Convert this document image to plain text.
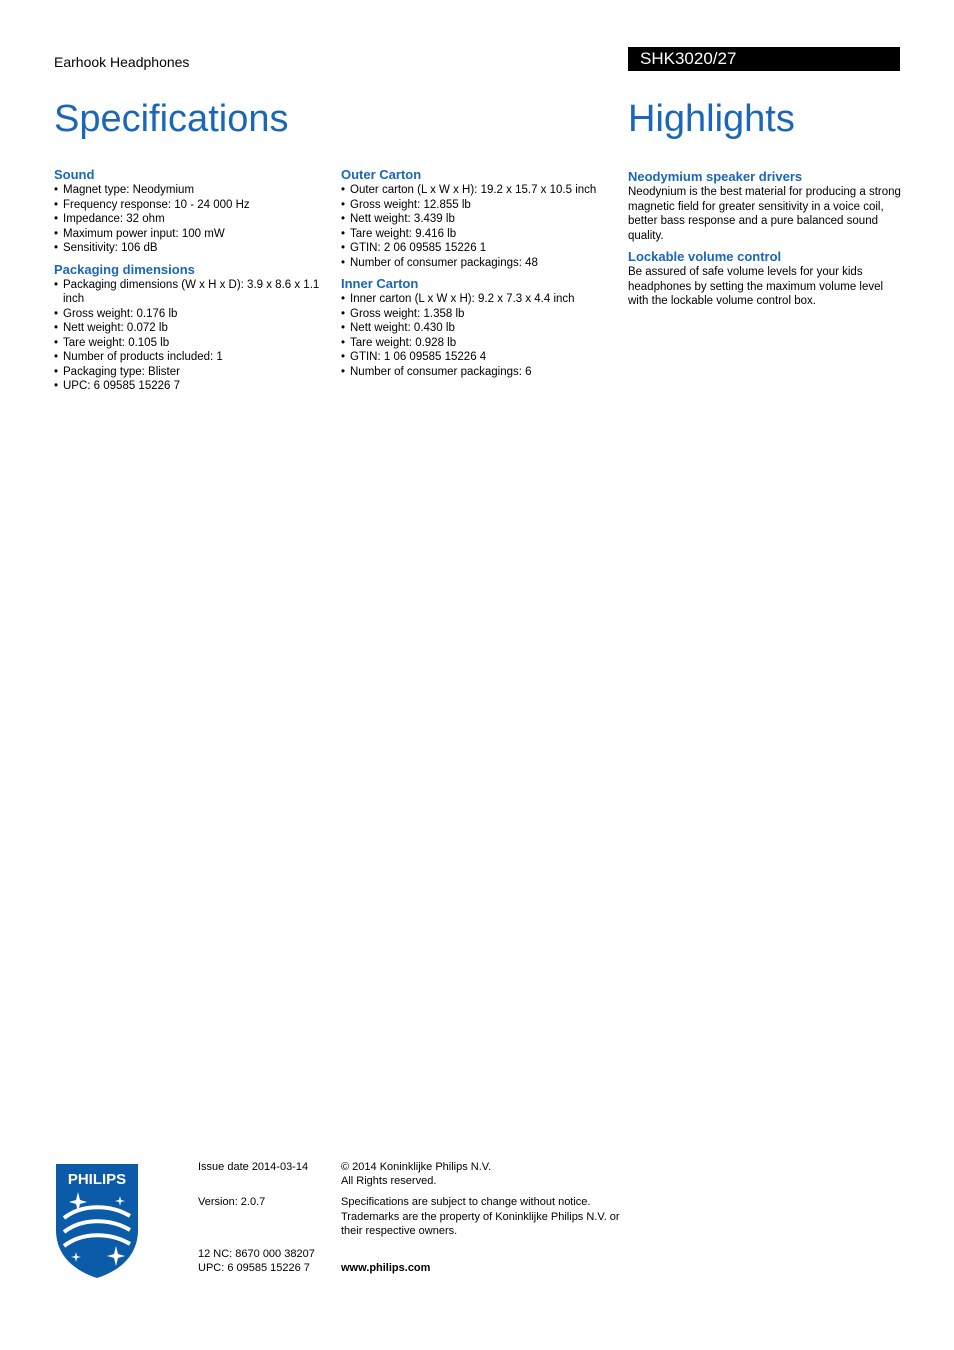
Earhook Headphones	SHK3020/27
Specifications	Highlights
Sound
• Magnet type: Neodymium
• Frequency response: 10 - 24 000 Hz
• Impedance: 32 ohm
• Maximum power input: 100 mW
• Sensitivity: 106 dB
Packaging dimensions
• Packaging dimensions (W x H x D): 3.9 x 8.6 x 1.1 inch
• Gross weight: 0.176 lb
• Nett weight: 0.072 lb
• Tare weight: 0.105 lb
• Number of products included: 1
• Packaging type: Blister
• UPC: 6 09585 15226 7
Outer Carton
• Outer carton (L x W x H): 19.2 x 15.7 x 10.5 inch
• Gross weight: 12.855 lb
• Nett weight: 3.439 lb
• Tare weight: 9.416 lb
• GTIN: 2 06 09585 15226 1
• Number of consumer packagings: 48
Inner Carton
• Inner carton (L x W x H): 9.2 x 7.3 x 4.4 inch
• Gross weight: 1.358 lb
• Nett weight: 0.430 lb
• Tare weight: 0.928 lb
• GTIN: 1 06 09585 15226 4
• Number of consumer packagings: 6
Neodymium speaker drivers

Neodynium is the best material for producing a strong magnetic field for greater sensitivity in a voice coil, better bass response and a pure balanced sound quality.

Lockable volume control

Be assured of safe volume levels for your kids headphones by setting the maximum volume level with the lockable volume control box.

PHILIPS
Issue date 2014-03-14
Version: 2.0.7
12 NC: 8670 000 38207
UPC: 6 09585 15226 7
© 2014 Koninklijke Philips N.V.
All Rights reserved.
Specifications are subject to change without notice. Trademarks are the property of Koninklijke Philips N.V. or their respective owners.
www.philips.com
